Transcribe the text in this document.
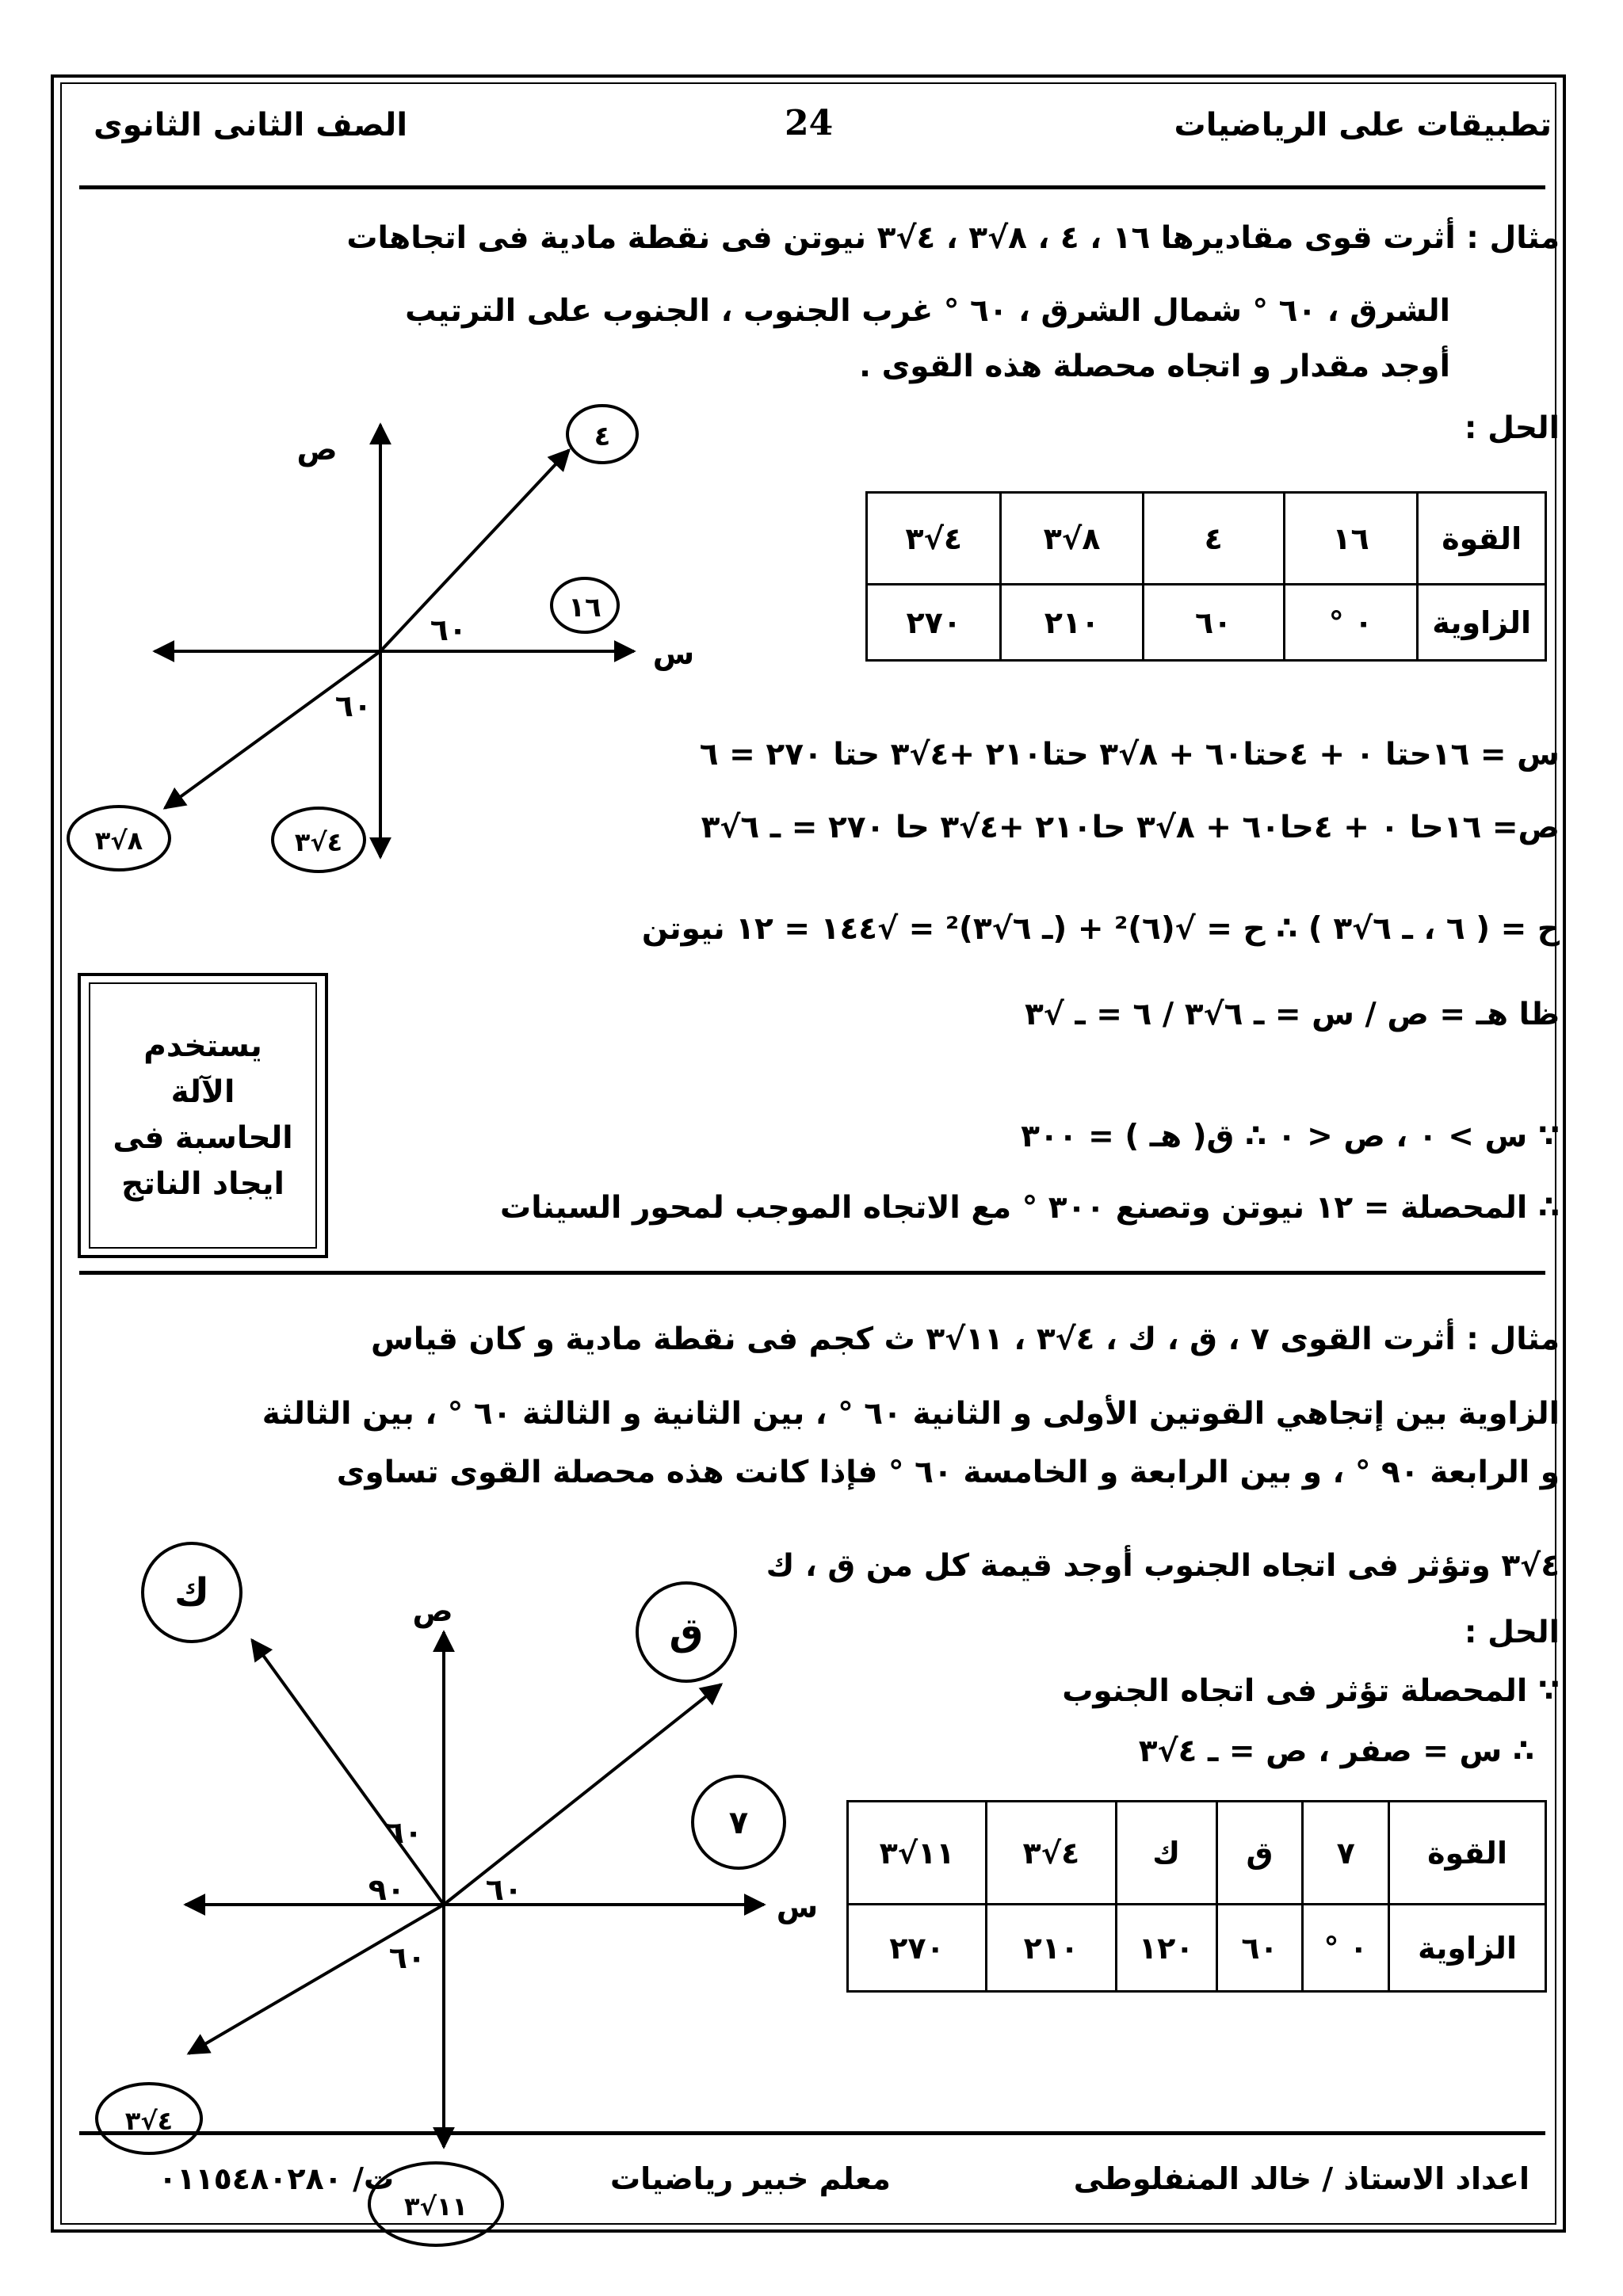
تطبيقات على الرياضيات
24
الصف الثانى الثانوى
مثال : أثرت قوى مقاديرها ١٦ ، ٤ ، ٨√٣ ، ٤√٣ نيوتن فى نقطة مادية فى اتجاهات
الشرق ، ٦٠ ° شمال الشرق ، ٦٠ ° غرب الجنوب ، الجنوب على الترتيب
أوجد مقدار و اتجاه محصلة هذه القوى .
الحل :
القوة	١٦	٤	٨√٣	٤√٣
الزاوية	٠ °	٦٠	٢١٠	٢٧٠
س = ١٦حتا ٠ + ٤حتا٦٠ + ٨√٣ حتا٢١٠ +٤√٣ حتا ٢٧٠ = ٦
ص= ١٦حا ٠ + ٤حا٦٠ + ٨√٣ حا٢١٠ +٤√٣ حا ٢٧٠ = ـ ٦√٣
ح = ( ٦ ، ـ ٦√٣ ) ∴ ح = √(٦)² + (ـ ٦√٣)² = √١٤٤ = ١٢ نيوتن
ظا هـ = ص / س = ـ ٦√٣ / ٦ = ـ √٣
∵ س > ٠ ، ص < ٠ ∴ ق( هـ ) = ٣٠٠
∴ المحصلة = ١٢ نيوتن وتصنع ٣٠٠ ° مع الاتجاه الموجب لمحور السينات
يستخدم
الآلة
الحاسبة فى
ايجاد الناتج
مثال : أثرت القوى ٧ ، ق ، ك ، ٤√٣ ، ١١√٣ ث كجم فى نقطة مادية و كان قياس
الزاوية بين إتجاهي القوتين الأولى و الثانية ٦٠ ° ، بين الثانية و الثالثة ٦٠ ° ، بين الثالثة
و الرابعة ٩٠ ° ، و بين الرابعة و الخامسة ٦٠ ° فإذا كانت هذه محصلة القوى تساوى
٤√٣ وتؤثر فى اتجاه الجنوب أوجد قيمة كل من ق ، ك
الحل :
∵ المحصلة تؤثر فى اتجاه الجنوب
∴ س = صفر ، ص = ـ ٤√٣
القوة	٧	ق	ك	٤√٣	١١√٣
الزاوية	٠ °	٦٠	١٢٠	٢١٠	٢٧٠
اعداد الاستاذ / خالد المنفلوطى
معلم خبير رياضيات
ت/ ٠١١٥٤٨٠٢٨٠
ص
س
٦٠
٦٠
١٦
٤
٨√٣	٤√٣
ص
س
٦٠
٦٠
٩٠
٦٠
٧
ق
ك
٤√٣
١١√٣
